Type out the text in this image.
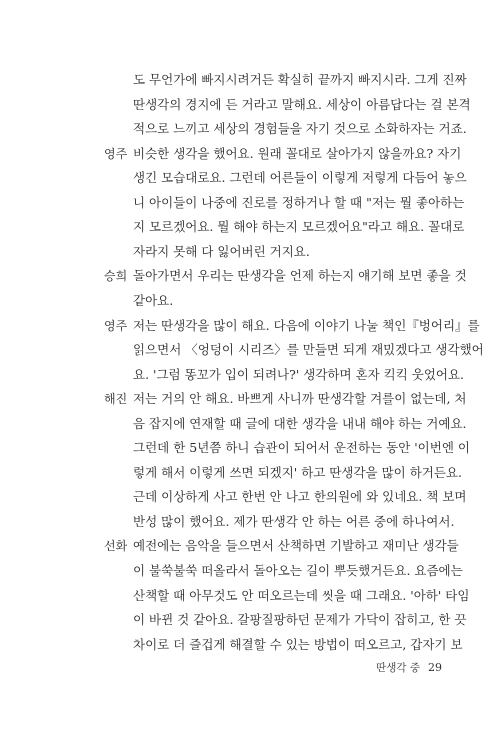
도 무언가에 빠지시려거든 확실히 끝까지 빠지시라. 그게 진짜
딴생각의 경지에 든 거라고 말해요. 세상이 아름답다는 걸 본격
적으로 느끼고 세상의 경험들을 자기 것으로 소화하자는 거죠.
영주 비슷한 생각을 했어요. 원래 꼴대로 살아가지 않을까요? 자기
생긴 모습대로요. 그런데 어른들이 이렇게 저렇게 다듬어 놓으
니 아이들이 나중에 진로를 정하거나 할 때 "저는 뭘 좋아하는
지 모르겠어요. 뭘 해야 하는지 모르겠어요"라고 해요. 꼴대로
자라지 못해 다 잃어버린 거지요.
승희 돌아가면서 우리는 딴생각을 언제 하는지 얘기해 보면 좋을 것
같아요.
영주 저는 딴생각을 많이 해요. 다음에 이야기 나눌 책인『벙어리』를
읽으면서 〈엉덩이 시리즈〉를 만들면 되게 재밌겠다고 생각했어
요. '그럼 똥꼬가 입이 되려나?' 생각하며 혼자 킥킥 웃었어요.
해진 저는 거의 안 해요. 바쁘게 사니까 딴생각할 겨를이 없는데, 처
음 잡지에 연재할 때 글에 대한 생각을 내내 해야 하는 거예요.
그런데 한 5년쯤 하니 습관이 되어서 운전하는 동안 '이번엔 이
렇게 해서 이렇게 쓰면 되겠지' 하고 딴생각을 많이 하거든요.
근데 이상하게 사고 한번 안 나고 한의원에 와 있네요. 책 보며
반성 많이 했어요. 제가 딴생각 안 하는 어른 중에 하나여서.
선화 예전에는 음악을 들으면서 산책하면 기발하고 재미난 생각들
이 불쑥불쑥 떠올라서 돌아오는 길이 뿌듯했거든요. 요즘에는
산책할 때 아무것도 안 떠오르는데 씻을 때 그래요. '아하' 타임
이 바뀐 것 같아요. 갈팡질팡하던 문제가 가닥이 잡히고, 한 끗
차이로 더 즐겁게 해결할 수 있는 방법이 떠오르고, 갑자기 보
딴생각 중 29
